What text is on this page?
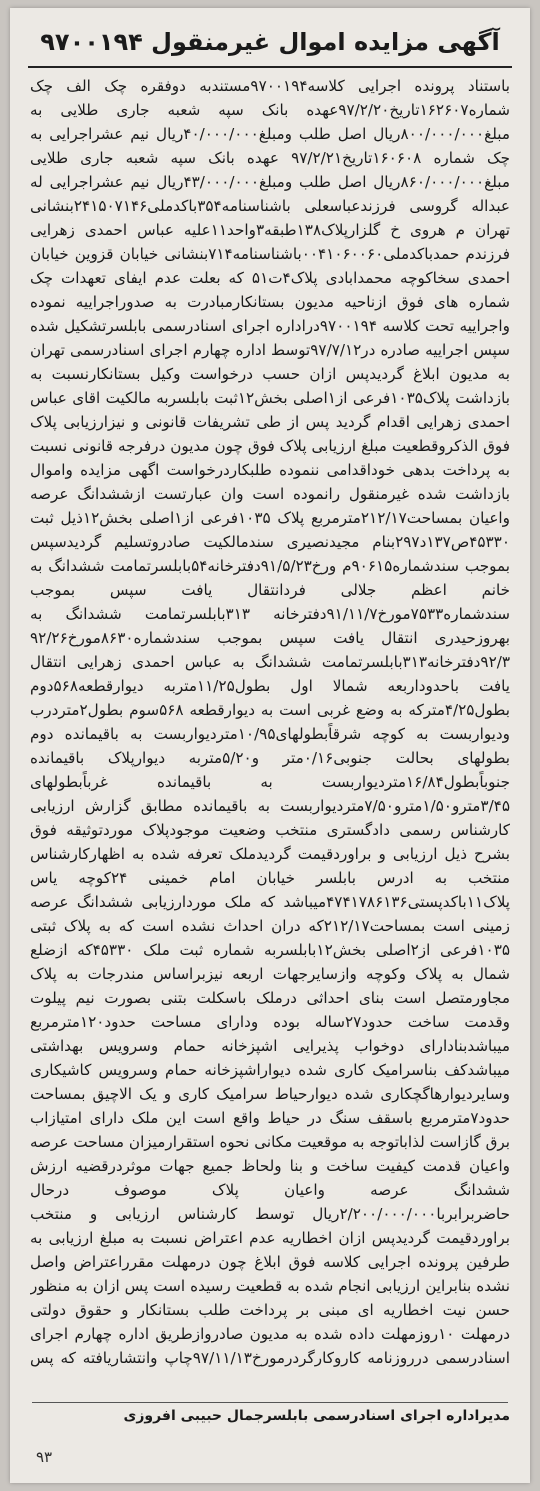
آگهی مزایده اموال غیرمنقول ۹۷۰۰۱۹۴

باستناد پرونده اجرایی کلاسه۹۷۰۰۱۹۴مستندبه دوفقره چک الف چک شماره۱۶۲۶۰۷تاریخ۹۷/۲/۲۰عهده بانک سپه شعبه جاری طلایی به مبلغ۸۰۰/۰۰۰/۰۰۰ریال اصل طلب ومبلغ۴۰/۰۰۰/۰۰۰ریال نیم عشراجرایی به چک شماره ۱۶۰۶۰۸تاریخ۹۷/۲/۲۱ عهده بانک سپه شعبه جاری طلایی مبلغ۸۶۰/۰۰۰/۰۰۰ریال اصل طلب ومبلغ۴۳/۰۰۰/۰۰۰ریال نیم عشراجرایی له عبداله گروسی فرزندعباسعلی باشناسنامه۳۵۴باکدملی۲۴۱۵۰۷۱۴۶بنشانی تهران م هروی خ گلزارپلاک۱۳۸طبقه۳واحد۱۱علیه عباس احمدی زهرایی فرزندم حمدباکدملی۰۰۴۱۰۶۰۰۶۰باشناسنامه۷۱۴بنشانی خیابان قزوین خیابان احمدی سخاکوچه محمدابادی پلاک۴ت۵۱ که بعلت عدم ایفای تعهدات چک شماره های فوق ازناحیه مدیون بستانکارمبادرت به صدوراجراییه نموده واجراییه تحت کلاسه ۹۷۰۰۱۹۴دراداره اجرای اسنادرسمی بابلسرتشکیل شده سپس اجراییه صادره در۹۷/۷/۱۲توسط اداره چهارم اجرای اسنادرسمی تهران به مدیون ابلاغ گردیدپس ازان حسب درخواست وکیل بستانکارنسبت به بازداشت پلاک۱۰۳۵فرعی از۱اصلی بخش۱۲ثبت بابلسربه مالکیت اقای عباس احمدی زهرایی اقدام گردید پس از طی تشریفات قانونی و نیزارزیابی پلاک فوق الذکروقطعیت مبلغ ارزیابی پلاک فوق چون مدیون درفرجه قانونی نسبت به پرداخت بدهی خوداقدامی ننموده طلبکاردرخواست اگهی مزایده واموال بازداشت شده غیرمنقول رانموده است وان عبارتست ازششدانگ عرصه واعیان بمساحت۲۱۲/۱۷مترمربع پلاک ۱۰۳۵فرعی از۱اصلی بخش۱۲ذیل ثبت ۴۵۳۳۰ص۱۳۷د۲۹۷بنام مجیدنصیری سندمالکیت صادروتسلیم گردیدسپس بموجب سندشماره۹۰۶۱۵م ورخ۹۱/۵/۲۳دفترخانه۵۴بابلسرتمامت ششدانگ به خانم اعظم جلالی فردانتقال یافت سپس بموجب سندشماره۷۵۳۳مورخ۹۱/۱۱/۷دفترخانه ۳۱۳بابلسرتمامت ششدانگ به بهروزحیدری انتقال یافت سپس بموجب سندشماره۸۶۳۰مورخ۹۲/۲۶ ۹۲/۳دفترخانه۳۱۳بابلسرتمامت ششدانگ به عباس احمدی زهرایی انتقال یافت باحدوداربعه شمالا اول بطول۱۱/۲۵متربه دیوارقطعه۵۶۸دوم بطول۴/۲۵مترکه به وضع غربی است به دیوارقطعه ۵۶۸سوم بطول۲متردرب ودیواربست به کوچه شرقاًبطولهای۱۰/۹۵متردیواربست به باقیمانده دوم بطولهای بحالت جنوبی۰/۱۶متر و۵/۲۰متربه دیوارپلاک باقیمانده جنوباًبطول۱۶/۸۴متردیواربست به باقیمانده غرباًبطولهای ۳/۴۵مترو۱/۵۰مترو۷/۵۰متردیواربست به باقیمانده مطابق گزارش ارزیابی کارشناس رسمی دادگستری منتخب وضعیت موجودپلاک موردتوثیقه فوق بشرح ذیل ارزیابی و براوردقیمت گردیدملک تعرفه شده به اظهارکارشناس منتخب به ادرس بابلسر خیابان امام خمینی ۲۴کوچه یاس پلاک۱۱باکدپستی۴۷۴۱۷۸۶۱۳۶میباشد که ملک موردارزیابی ششدانگ عرصه زمینی است بمساحت۲۱۲/۱۷که دران احداث نشده است که به پلاک ثبتی ۱۰۳۵فرعی از۲اصلی بخش۱۲بابلسربه شماره ثبت ملک ۴۵۳۳۰که ازضلع شمال به پلاک وکوچه وازسایرجهات اربعه نیزبراساس مندرجات به پلاک مجاورمتصل است بنای احداثی درملک باسکلت بتنی بصورت نیم پیلوت وقدمت ساخت حدود۲۷ساله بوده ودارای مساحت حدود۱۲۰مترمربع میباشدبنادارای دوخواب پذیرایی اشپزخانه حمام وسرویس بهداشتی میباشدکف بناسرامیک کاری شده دیواراشپزخانه حمام وسرویس کاشیکاری وسایردیوارهاگچکاری شده دیوارحیاط سرامیک کاری و یک الاچیق بمساحت حدود۷مترمربع باسقف سنگ در حیاط واقع است این ملک دارای امتیازاب برق گازاست لذاباتوجه به موقعیت مکانی نحوه استقرارمیزان مساحت عرصه واعیان قدمت کیفیت ساخت و بنا ولحاظ جمیع جهات موثردرقضیه ارزش ششدانگ عرصه واعیان پلاک موصوف درحال حاضربرابربا۲/۲۰۰/۰۰۰/۰۰۰ریال توسط کارشناس ارزیابی و منتخب براوردقیمت گردیدپس ازان اخطاریه عدم اعتراض نسبت به مبلغ ارزیابی به طرفین پرونده اجرایی کلاسه فوق ابلاغ چون درمهلت مقرراعتراض واصل نشده بنابراین ارزیابی انجام شده به قطعیت رسیده است پس ازان به منظور حسن نیت اخطاریه ای مبنی بر پرداخت طلب بستانکار و حقوق دولتی درمهلت ۱۰روزمهلت داده شده به مدیون صادروازطریق اداره چهارم اجرای اسنادرسمی درروزنامه کاروکارگردرمورخ۹۷/۱۱/۱۳چاپ وانتشاریافته که پس

مدیراداره اجرای اسنادرسمی بابلسرجمال حبیبی افروزی
۹۳
